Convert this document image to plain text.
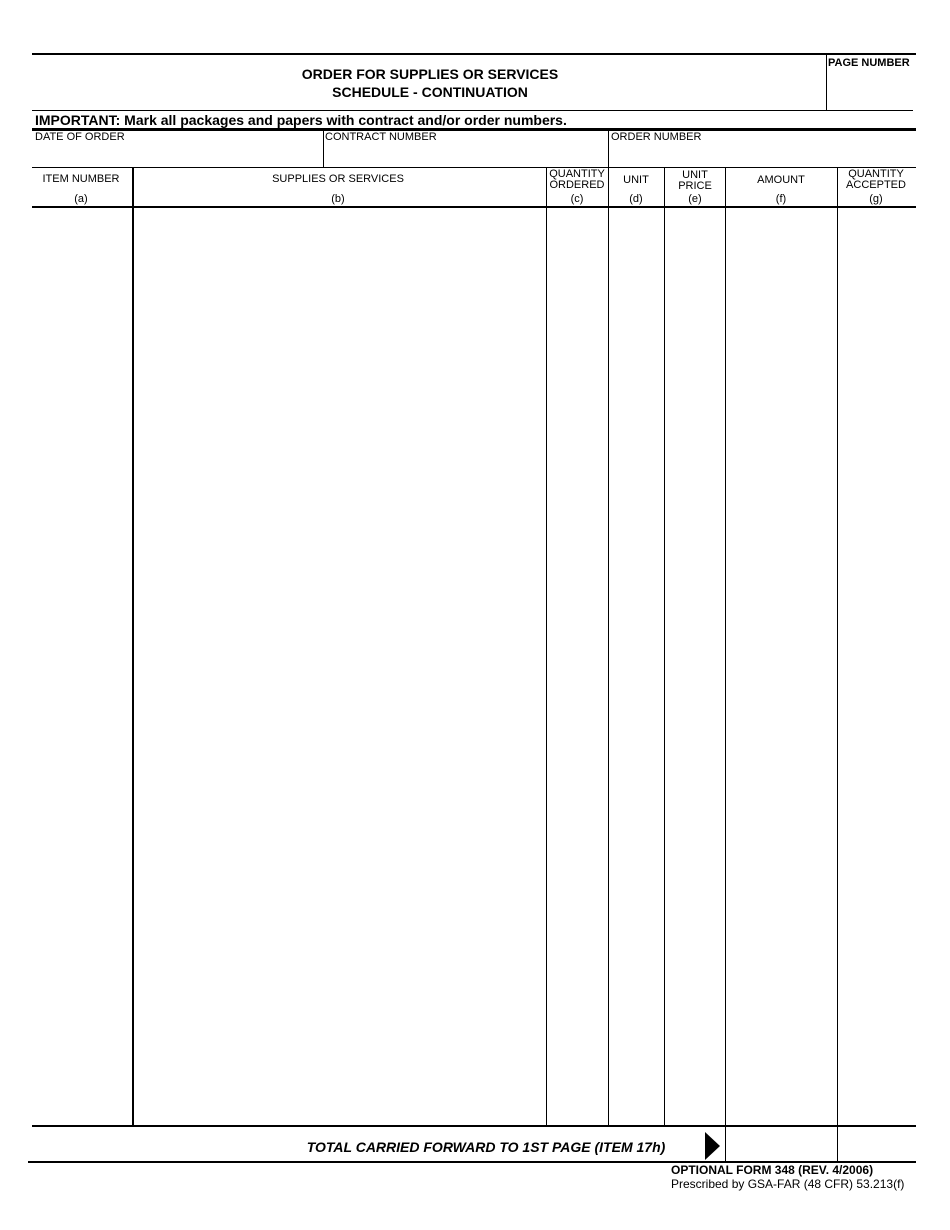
ORDER FOR SUPPLIES OR SERVICES
SCHEDULE - CONTINUATION
PAGE NUMBER
IMPORTANT: Mark all packages and papers with contract and/or order numbers.
DATE OF ORDER	CONTRACT NUMBER	ORDER NUMBER
ITEM NUMBER
(a)
SUPPLIES OR SERVICES
(b)
QUANTITY
ORDERED
(c)
UNIT
(d)
UNIT
PRICE
(e)
AMOUNT
(f)
QUANTITY
ACCEPTED
(g)
TOTAL CARRIED FORWARD TO 1ST PAGE (ITEM 17h)
OPTIONAL FORM 348 (REV. 4/2006)
Prescribed by GSA-FAR (48 CFR) 53.213(f)
